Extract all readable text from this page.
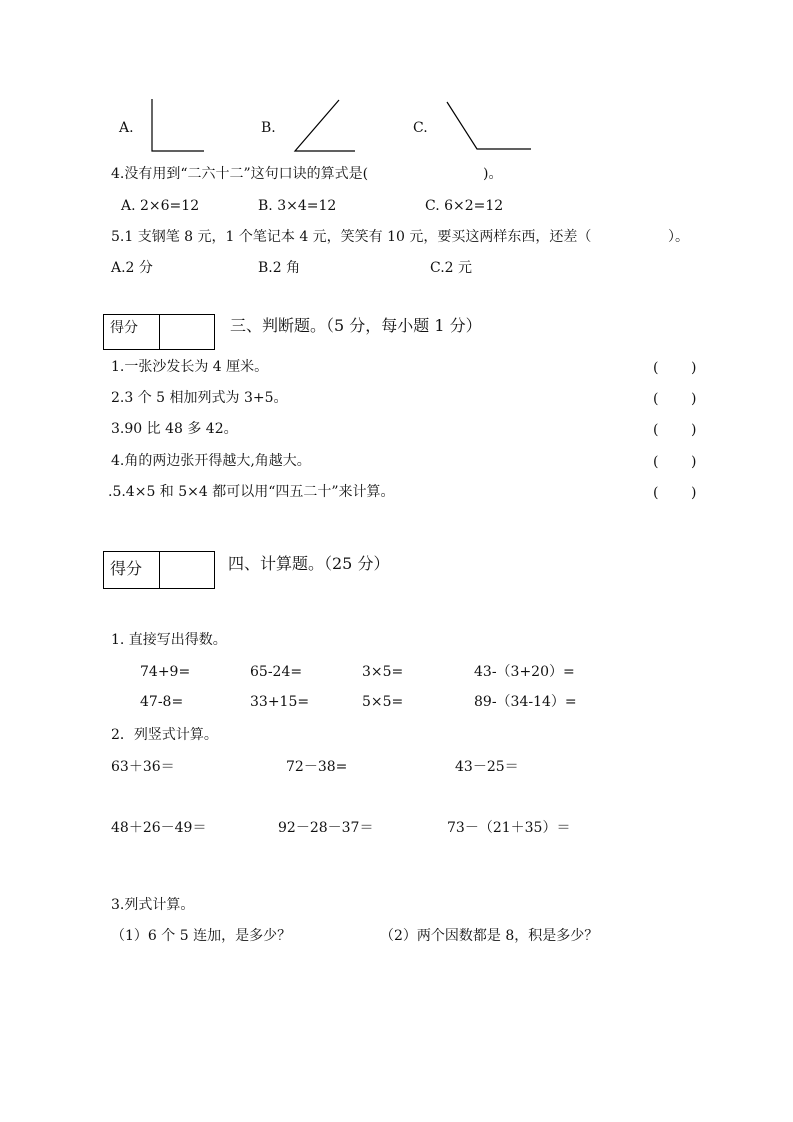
A.	B.	C.
4.没有用到“二六十二”这句口诀的算式是(	)。
A. 2×6=12	B. 3×4=12	C. 6×2=12
5.1 支钢笔 8 元，1 个笔记本 4 元，笑笑有 10 元，要买这两样东西，还差（	）。
A.2 分	B.2 角	C.2 元
得分	三、判断题。（5 分，每小题 1 分）
1.一张沙发长为 4 厘米。	( )
2.3 个 5 相加列式为 3+5。	( )
3.90 比 48 多 42。	( )
4.角的两边张开得越大,角越大。	( )
.5.4×5 和 5×4 都可以用“四五二十”来计算。	( )
得分	四、计算题。（25 分）
1. 直接写出得数。
74+9=	65-24=	3×5=	43-（3+20）=
47-8=	33+15=	5×5=	89-（34-14）=
2．列竖式计算。
63＋36＝	72－38=	43－25＝
48＋26－49＝	92－28－37＝	73－（21＋35）＝
3.列式计算。
（1）6 个 5 连加，是多少？	（2）两个因数都是 8，积是多少？
